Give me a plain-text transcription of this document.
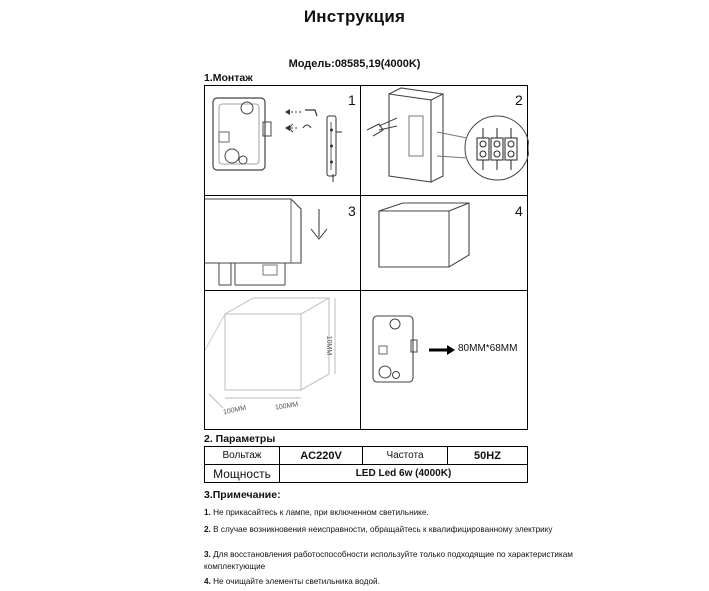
Инструкция
Модель:08585,19(4000K)
1.Монтаж
1	2
3	4
10MM
100MM	100MM
80MM*68MM
2. Параметры
Вольтаж	AC220V	Частота	50HZ
Мощность	LED Led 6w (4000K)		
3.Примечание:
1. Не прикасайтесь к лампе, при включенном светильнике.
2. В случае возникновения неисправности, обращайтесь к квалифицированному электрику
3. Для восстановления работоспособности используйте только подходящие по характеристикам комплектующие
4. Не очищайте элементы светильника водой.
